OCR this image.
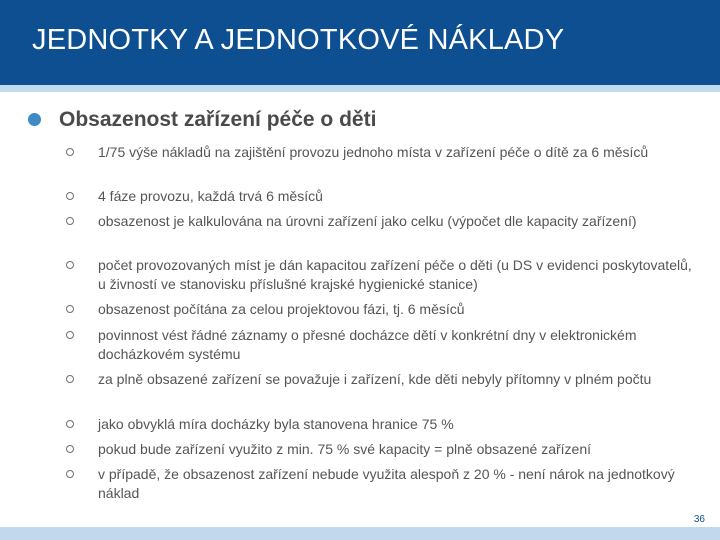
JEDNOTKY A JEDNOTKOVÉ NÁKLADY
Obsazenost zařízení péče o děti
1/75 výše nákladů na zajištění provozu jednoho místa v zařízení péče o dítě za 6 měsíců
4 fáze provozu, každá trvá 6 měsíců
obsazenost je kalkulována na úrovni zařízení jako celku (výpočet dle kapacity zařízení)
počet provozovaných míst je dán kapacitou zařízení péče o děti (u DS v evidenci poskytovatelů, u živností ve stanovisku příslušné krajské hygienické stanice)
obsazenost počítána za celou projektovou fázi, tj. 6 měsíců
povinnost vést řádné záznamy o přesné docházce dětí v konkrétní dny v elektronickém docházkovém systému
za plně obsazené zařízení se považuje i zařízení, kde děti nebyly přítomny v plném počtu
jako obvyklá míra docházky byla stanovena hranice 75 %
pokud bude zařízení využito z min. 75 % své kapacity = plně obsazené zařízení
v případě, že obsazenost zařízení nebude využita alespoň z 20 % - není nárok na jednotkový náklad
36
